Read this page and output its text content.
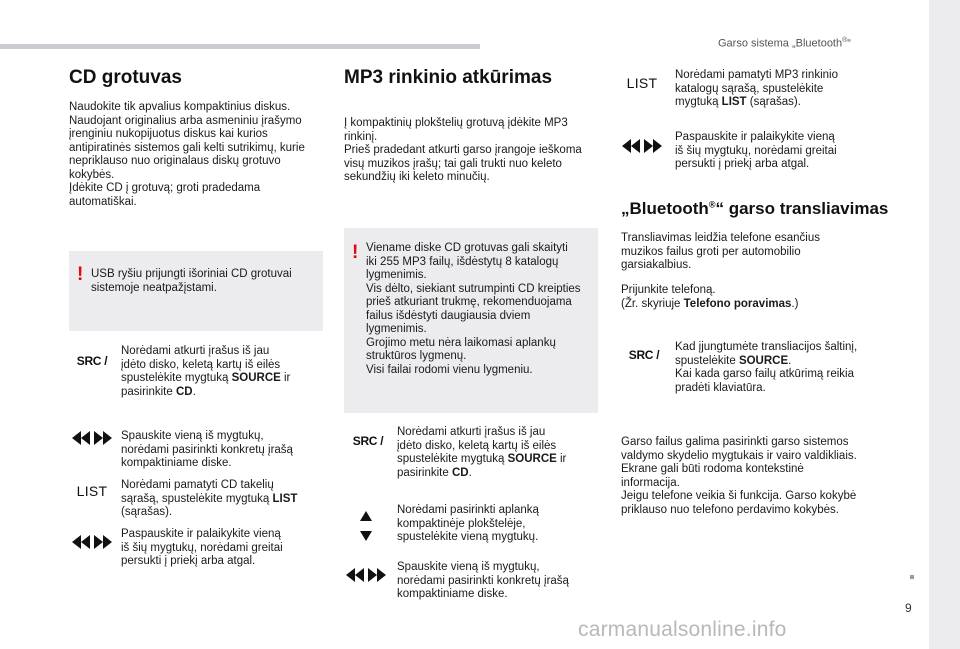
Garso sistema „Bluetooth®“
9
CD grotuvas
Naudokite tik apvalius kompaktinius diskus.
Naudojant originalius arba asmeniniu įrašymo
įrenginiu nukopijuotus diskus kai kurios
antipiratinės sistemos gali kelti sutrikimų, kurie
nepriklauso nuo originalaus diskų grotuvo
kokybės.
Įdėkite CD į grotuvą; groti pradedama
automatiškai.
! USB ryšiu prijungti išoriniai CD grotuvai
sistemoje neatpažįstami.
SRC /
Norėdami atkurti įrašus iš jau
įdėto disko, keletą kartų iš eilės
spustelėkite mygtuką SOURCE ir
pasirinkite CD.
Spauskite vieną iš mygtukų,
norėdami pasirinkti konkretų įrašą
kompaktiniame diske.
LIST	Norėdami pamatyti CD takelių
sąrašą, spustelėkite mygtuką LIST
(sąrašas).
Paspauskite ir palaikykite vieną
iš šių mygtukų, norėdami greitai
persukti į priekį arba atgal.
MP3 rinkinio atkūrimas
Į kompaktinių plokštelių grotuvą įdėkite MP3
rinkinį.
Prieš pradedant atkurti garso įrangoje ieškoma
visų muzikos įrašų; tai gali trukti nuo keleto
sekundžių iki keleto minučių.
! Viename diske CD grotuvas gali skaityti
iki 255 MP3 failų, išdėstytų 8 katalogų
lygmenimis.
Vis dėlto, siekiant sutrumpinti CD kreipties
prieš atkuriant trukmę, rekomenduojama
failus išdėstyti daugiausia dviem
lygmenimis.
Grojimo metu nėra laikomasi aplankų
struktūros lygmenų.
Visi failai rodomi vienu lygmeniu.
SRC /
Norėdami atkurti įrašus iš jau
įdėto disko, keletą kartų iš eilės
spustelėkite mygtuką SOURCE ir
pasirinkite CD.
Norėdami pasirinkti aplanką
kompaktinėje plokštelėje,
spustelėkite vieną mygtukų.
Spauskite vieną iš mygtukų,
norėdami pasirinkti konkretų įrašą
kompaktiniame diske.
LIST	Norėdami pamatyti MP3 rinkinio
katalogų sąrašą, spustelėkite
mygtuką LIST (sąrašas).
Paspauskite ir palaikykite vieną
iš šių mygtukų, norėdami greitai
persukti į priekį arba atgal.
„Bluetooth®“ garso transliavimas
Transliavimas leidžia telefone esančius
muzikos failus groti per automobilio
garsiakalbius.
Prijunkite telefoną.
(Žr. skyriuje Telefono poravimas.)
SRC /
Kad įjungtumėte transliacijos šaltinį,
spustelėkite SOURCE.
Kai kada garso failų atkūrimą reikia
pradėti klaviatūra.
Garso failus galima pasirinkti garso sistemos
valdymo skydelio mygtukais ir vairo valdikliais.
Ekrane gali būti rodoma kontekstinė
informacija.
Jeigu telefone veikia ši funkcija. Garso kokybė
priklauso nuo telefono perdavimo kokybės.
carmanualsonline.info
